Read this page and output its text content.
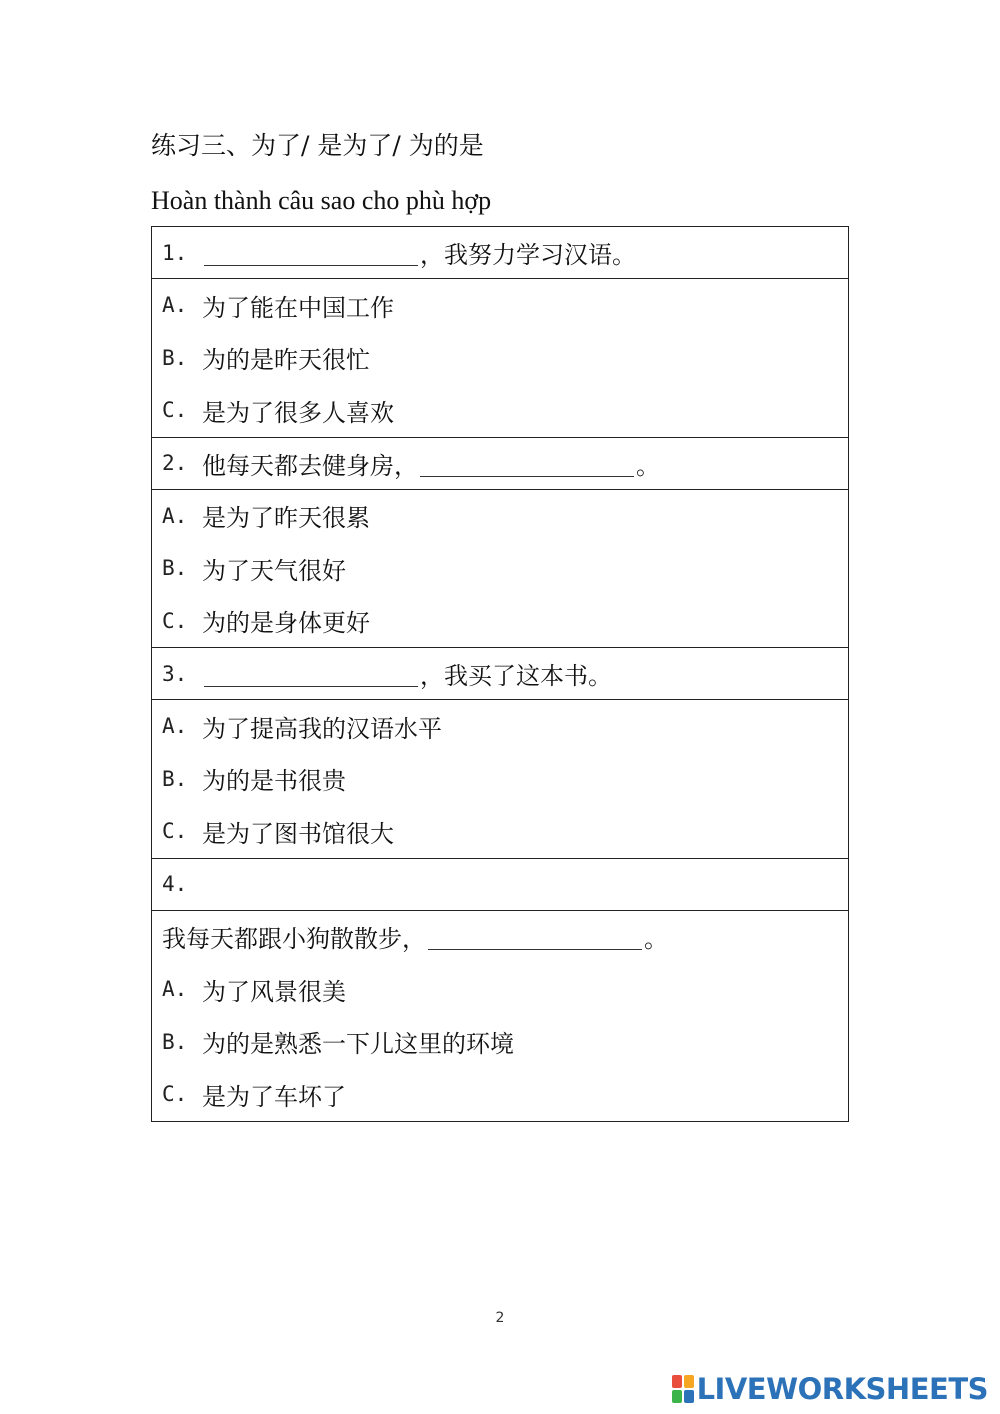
练习三、为了/ 是为了/ 为的是
Hoàn thành câu sao cho phù hợp
1.	，我努力学习汉语。
A. 为了能在中国工作
B. 为的是昨天很忙
C. 是为了很多人喜欢
2. 他每天都去健身房，	。
A. 是为了昨天很累
B. 为了天气很好
C. 为的是身体更好
3.	，我买了这本书。
A. 为了提高我的汉语水平
B. 为的是书很贵
C. 是为了图书馆很大
4.
我每天都跟小狗散散步，	。
A. 为了风景很美
B. 为的是熟悉一下儿这里的环境
C. 是为了车坏了
2
LIVEWORKSHEETS
